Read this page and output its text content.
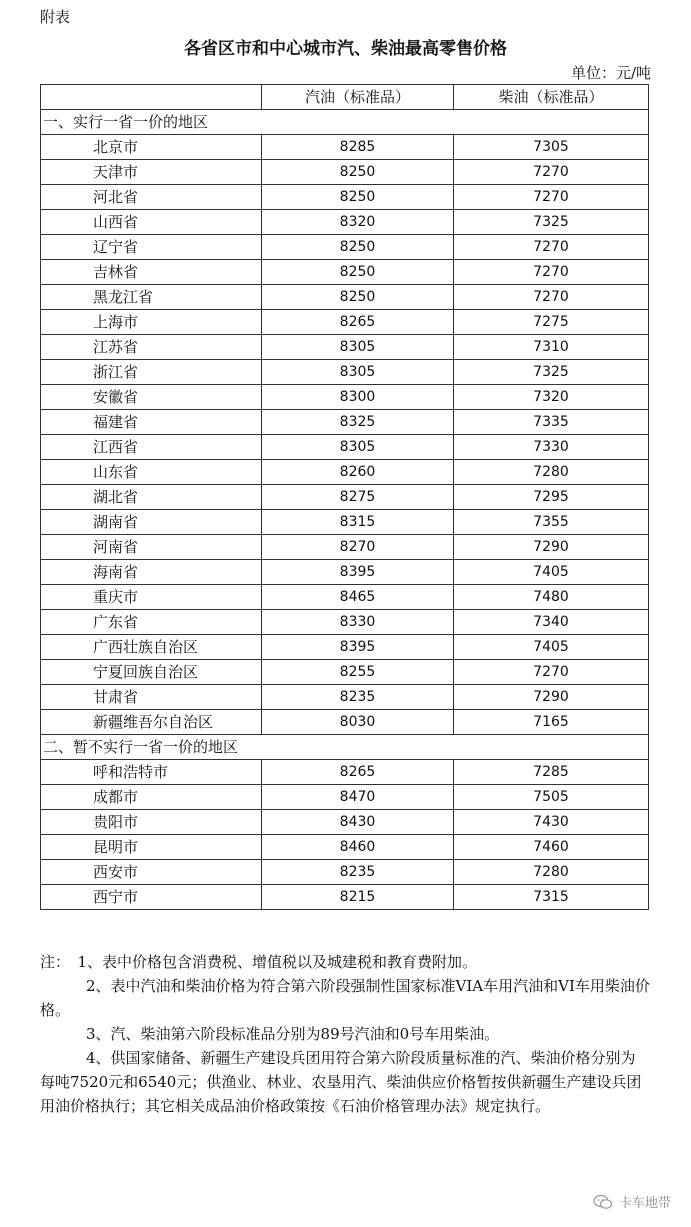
附表
各省区市和中心城市汽、柴油最高零售价格
单位：元/吨
	汽油（标准品）	柴油（标准品）
一、实行一省一价的地区		
北京市	8285	7305
天津市	8250	7270
河北省	8250	7270
山西省	8320	7325
辽宁省	8250	7270
吉林省	8250	7270
黑龙江省	8250	7270
上海市	8265	7275
江苏省	8305	7310
浙江省	8305	7325
安徽省	8300	7320
福建省	8325	7335
江西省	8305	7330
山东省	8260	7280
湖北省	8275	7295
湖南省	8315	7355
河南省	8270	7290
海南省	8395	7405
重庆市	8465	7480
广东省	8330	7340
广西壮族自治区	8395	7405
宁夏回族自治区	8255	7270
甘肃省	8235	7290
新疆维吾尔自治区	8030	7165
二、暂不实行一省一价的地区		
呼和浩特市	8265	7285
成都市	8470	7505
贵阳市	8430	7430
昆明市	8460	7460
西安市	8235	7280
西宁市	8215	7315

注：　1、表中价格包含消费税、增值税以及城建税和教育费附加。

2、表中汽油和柴油价格为符合第六阶段强制性国家标准VIA车用汽油和VI车用柴油价格。

3、汽、柴油第六阶段标准品分别为89号汽油和0号车用柴油。

4、供国家储备、新疆生产建设兵团用符合第六阶段质量标准的汽、柴油价格分别为每吨7520元和6540元；供渔业、林业、农垦用汽、柴油供应价格暂按供新疆生产建设兵团用油价格执行；其它相关成品油价格政策按《石油价格管理办法》规定执行。

卡车地带
